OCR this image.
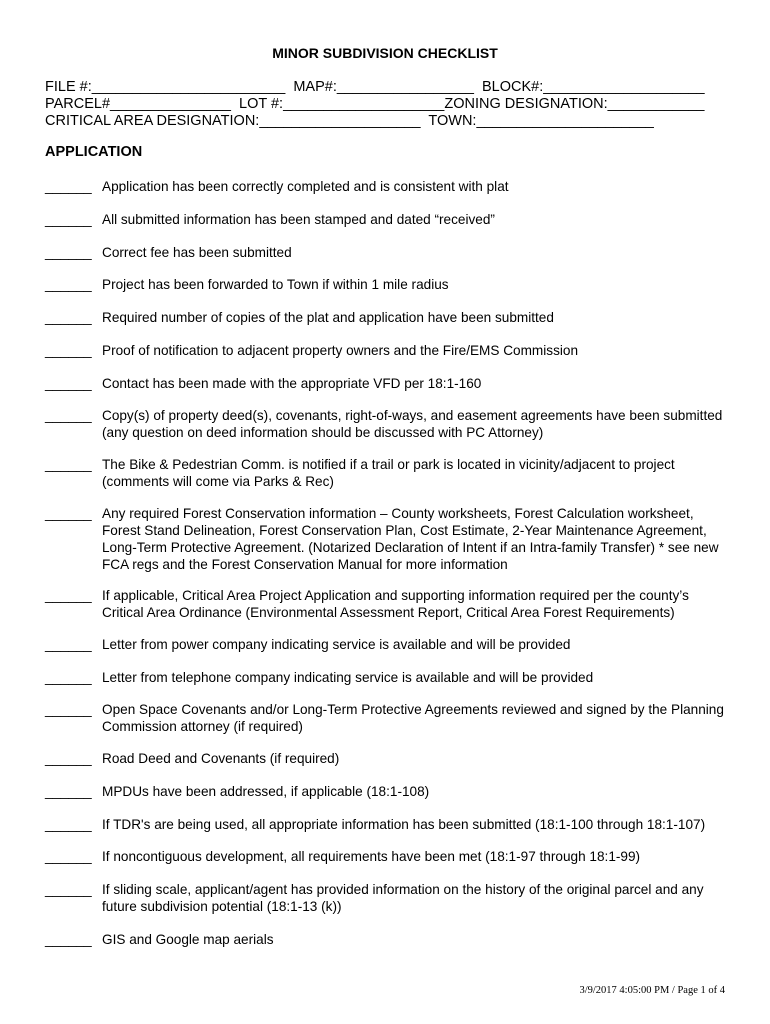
MINOR SUBDIVISION CHECKLIST
FILE #:________________________  MAP#:_________________  BLOCK#:____________________
PARCEL#_______________  LOT #:____________________ZONING DESIGNATION:____________
CRITICAL AREA DESIGNATION:____________________  TOWN:______________________
APPLICATION
______ Application has been correctly completed and is consistent with plat
______ All submitted information has been stamped and dated “received”
______ Correct fee has been submitted
______ Project has been forwarded to Town if within 1 mile radius
______ Required number of copies of the plat and application have been submitted
______ Proof of notification to adjacent property owners and the Fire/EMS Commission
______ Contact has been made with the appropriate VFD per 18:1-160
______ Copy(s) of property deed(s), covenants, right-of-ways, and easement agreements have been submitted (any question on deed information should be discussed with PC Attorney)
______ The Bike & Pedestrian Comm. is notified if a trail or park is located in vicinity/adjacent to project (comments will come via Parks & Rec)
______ Any required Forest Conservation information – County worksheets, Forest Calculation worksheet, Forest Stand Delineation, Forest Conservation Plan, Cost Estimate, 2-Year Maintenance Agreement, Long-Term Protective Agreement. (Notarized Declaration of Intent if an Intra-family Transfer) * see new FCA regs and the Forest Conservation Manual for more information
______ If applicable, Critical Area Project Application and supporting information required per the county’s Critical Area Ordinance (Environmental Assessment Report, Critical Area Forest Requirements)
______ Letter from power company indicating service is available and will be provided
______ Letter from telephone company indicating service is available and will be provided
______ Open Space Covenants and/or Long-Term Protective Agreements reviewed and signed by the Planning Commission attorney (if required)
______ Road Deed and Covenants (if required)
______ MPDUs have been addressed, if applicable (18:1-108)
______ If TDR's are being used, all appropriate information has been submitted (18:1-100 through 18:1-107)
______ If noncontiguous development, all requirements have been met (18:1-97 through 18:1-99)
______ If sliding scale, applicant/agent has provided information on the history of the original parcel and any future subdivision potential (18:1-13 (k))
______ GIS and Google map aerials
3/9/2017 4:05:00 PM / Page 1 of 4
